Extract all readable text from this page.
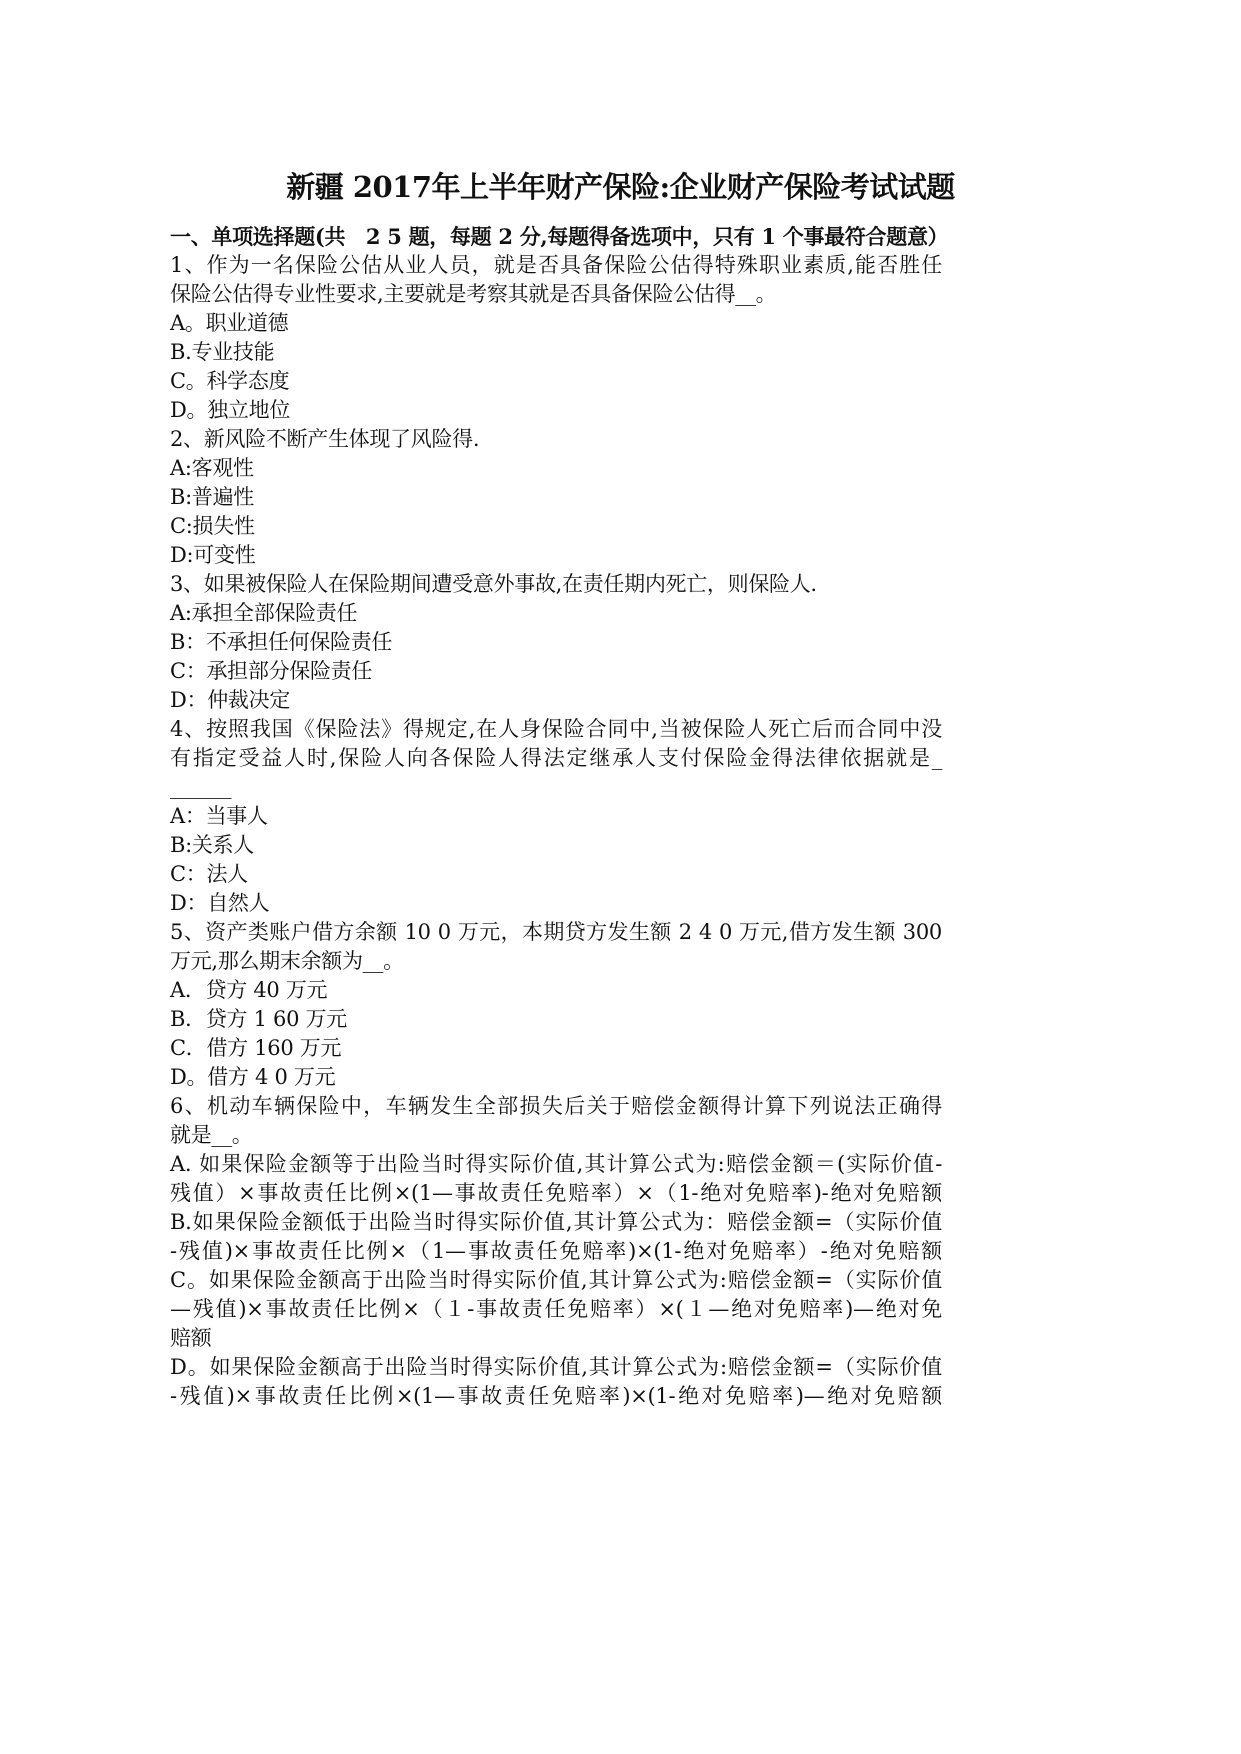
新疆 2017年上半年财产保险:企业财产保险考试试题
一、单项选择题(共　2 5 题，每题 2 分,每题得备选项中，只有 1 个事最符合题意）
1、作为一名保险公估从业人员，就是否具备保险公估得特殊职业素质,能否胜任
保险公估得专业性要求,主要就是考察其就是否具备保险公估得__。
A。职业道德
B.专业技能
C。科学态度
D。独立地位
2、新风险不断产生体现了风险得.
A:客观性
B:普遍性
C:损失性
D:可变性
3、如果被保险人在保险期间遭受意外事故,在责任期内死亡，则保险人.
A:承担全部保险责任
B：不承担任何保险责任
C：承担部分保险责任
D：仲裁决定
4、按照我国《保险法》得规定,在人身保险合同中,当被保险人死亡后而合同中没
有指定受益人时,保险人向各保险人得法定继承人支付保险金得法律依据就是_
______
A：当事人
B:关系人
C：法人
D：自然人
5、资产类账户借方余额 10 0 万元，本期贷方发生额 2 4 0 万元,借方发生额 300
万元,那么期末余额为__。
A．贷方 40 万元
B．贷方 1 60 万元
C．借方 160 万元
D。借方 4 0 万元
6、机动车辆保险中，车辆发生全部损失后关于赔偿金额得计算下列说法正确得
就是__。
A. 如果保险金额等于出险当时得实际价值,其计算公式为:赔偿金额＝(实际价值-
残值）×事故责任比例×(1—事故责任免赔率）×（1-绝对免赔率)-绝对免赔额
B.如果保险金额低于出险当时得实际价值,其计算公式为：赔偿金额=（实际价值
-残值)×事故责任比例×（1—事故责任免赔率)×(1-绝对免赔率）-绝对免赔额
C。如果保险金额高于出险当时得实际价值,其计算公式为:赔偿金额=（实际价值
—残值)×事故责任比例×（１-事故责任免赔率）×(１—绝对免赔率)—绝对免
赔额
D。如果保险金额高于出险当时得实际价值,其计算公式为:赔偿金额=（实际价值
-残值)×事故责任比例×(1—事故责任免赔率)×(1-绝对免赔率)—绝对免赔额
